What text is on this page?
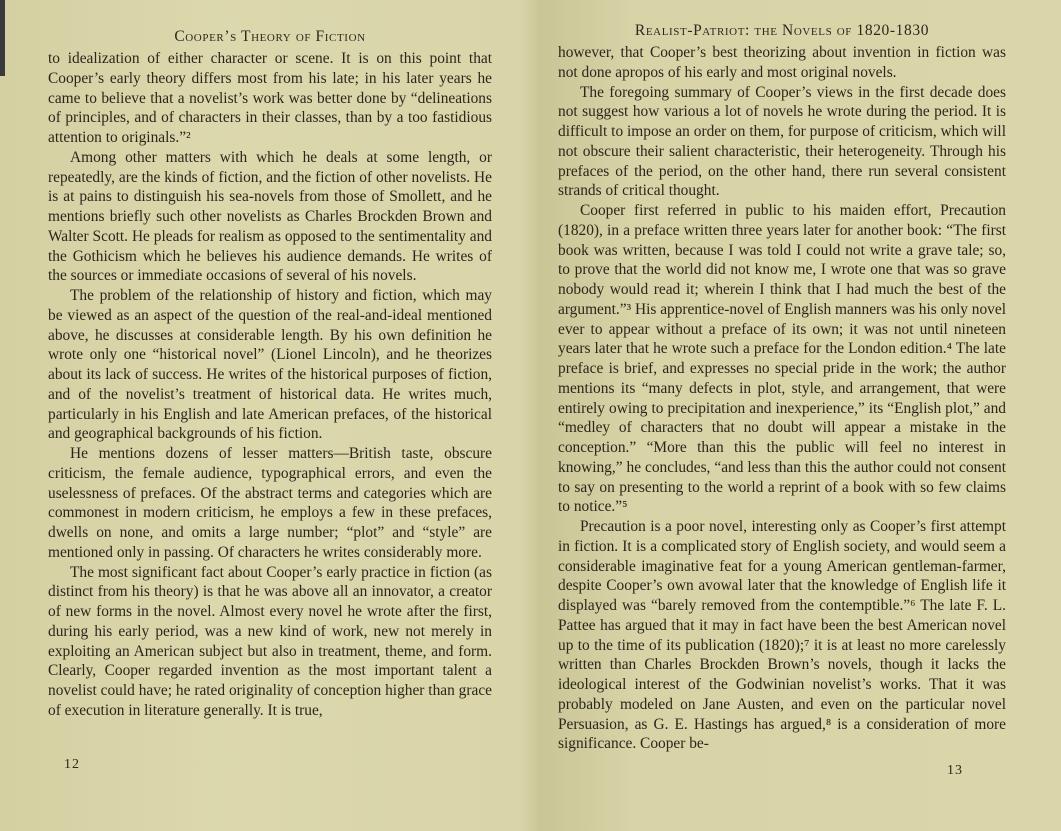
Cooper’s Theory of Fiction

to idealization of either character or scene. It is on this point that Cooper’s early theory differs most from his late; in his later years he came to believe that a novelist’s work was better done by “delineations of principles, and of characters in their classes, than by a too fastidious attention to originals.”²

Among other matters with which he deals at some length, or repeatedly, are the kinds of fiction, and the fiction of other novelists. He is at pains to distinguish his sea-novels from those of Smollett, and he mentions briefly such other novelists as Charles Brockden Brown and Walter Scott. He pleads for realism as opposed to the sentimentality and the Gothicism which he believes his audience demands. He writes of the sources or immediate occasions of several of his novels.

The problem of the relationship of history and fiction, which may be viewed as an aspect of the question of the real-and-ideal mentioned above, he discusses at considerable length. By his own definition he wrote only one “historical novel” (Lionel Lincoln), and he theorizes about its lack of success. He writes of the historical purposes of fiction, and of the novelist’s treatment of historical data. He writes much, particularly in his English and late American prefaces, of the historical and geographical backgrounds of his fiction.

He mentions dozens of lesser matters—British taste, obscure criticism, the female audience, typographical errors, and even the uselessness of prefaces. Of the abstract terms and categories which are commonest in modern criticism, he employs a few in these prefaces, dwells on none, and omits a large number; “plot” and “style” are mentioned only in passing. Of characters he writes considerably more.

The most significant fact about Cooper’s early practice in fiction (as distinct from his theory) is that he was above all an innovator, a creator of new forms in the novel. Almost every novel he wrote after the first, during his early period, was a new kind of work, new not merely in exploiting an American subject but also in treatment, theme, and form. Clearly, Cooper regarded invention as the most important talent a novelist could have; he rated originality of conception higher than grace of execution in literature generally. It is true,

12
Realist-Patriot: the Novels of 1820-1830

however, that Cooper’s best theorizing about invention in fiction was not done apropos of his early and most original novels.

The foregoing summary of Cooper’s views in the first decade does not suggest how various a lot of novels he wrote during the period. It is difficult to impose an order on them, for purpose of criticism, which will not obscure their salient characteristic, their heterogeneity. Through his prefaces of the period, on the other hand, there run several consistent strands of critical thought.

Cooper first referred in public to his maiden effort, Precaution (1820), in a preface written three years later for another book: “The first book was written, because I was told I could not write a grave tale; so, to prove that the world did not know me, I wrote one that was so grave nobody would read it; wherein I think that I had much the best of the argument.”³ His apprentice-novel of English manners was his only novel ever to appear without a preface of its own; it was not until nineteen years later that he wrote such a preface for the London edition.⁴ The late preface is brief, and expresses no special pride in the work; the author mentions its “many defects in plot, style, and arrangement, that were entirely owing to precipitation and inexperience,” its “English plot,” and “medley of characters that no doubt will appear a mistake in the conception.” “More than this the public will feel no interest in knowing,” he concludes, “and less than this the author could not consent to say on presenting to the world a reprint of a book with so few claims to notice.”⁵

Precaution is a poor novel, interesting only as Cooper’s first attempt in fiction. It is a complicated story of English society, and would seem a considerable imaginative feat for a young American gentleman-farmer, despite Cooper’s own avowal later that the knowledge of English life it displayed was “barely removed from the contemptible.”⁶ The late F. L. Pattee has argued that it may in fact have been the best American novel up to the time of its publication (1820);⁷ it is at least no more carelessly written than Charles Brockden Brown’s novels, though it lacks the ideological interest of the Godwinian novelist’s works. That it was probably modeled on Jane Austen, and even on the particular novel Persuasion, as G. E. Hastings has argued,⁸ is a consideration of more significance. Cooper be-

13
